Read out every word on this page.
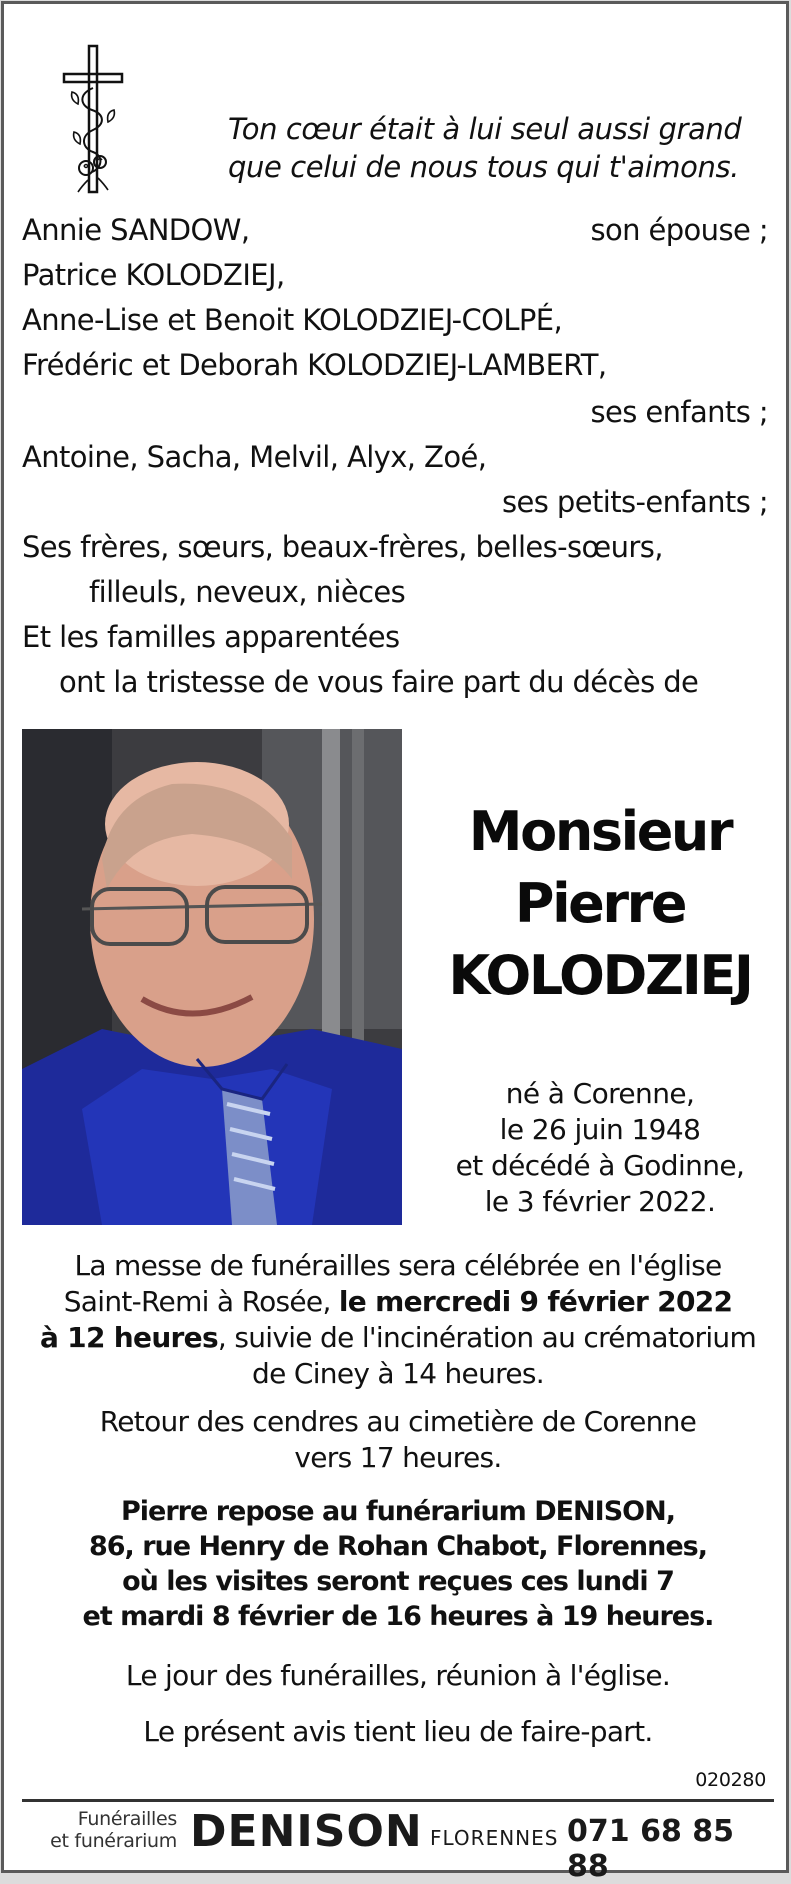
Ton cœur était à lui seul aussi grand
que celui de nous tous qui t'aimons.
Annie SANDOW,	son épouse ;
Patrice KOLODZIEJ,
Anne-Lise et Benoit KOLODZIEJ-COLPÉ,
Frédéric et Deborah KOLODZIEJ-LAMBERT,
ses enfants ;
Antoine, Sacha, Melvil, Alyx, Zoé,
ses petits-enfants ;
Ses frères, sœurs, beaux-frères, belles-sœurs,
filleuls, neveux, nièces
Et les familles apparentées
ont la tristesse de vous faire part du décès de
Monsieur
Pierre
KOLODZIEJ
né à Corenne,
le 26 juin 1948
et décédé à Godinne,
le 3 février 2022.
La messe de funérailles sera célébrée en l'église
Saint-Remi à Rosée, le mercredi 9 février 2022
à 12 heures, suivie de l'incinération au crématorium
de Ciney à 14 heures.
Retour des cendres au cimetière de Corenne
vers 17 heures.
Pierre repose au funérarium DENISON,
86, rue Henry de Rohan Chabot, Florennes,
où les visites seront reçues ces lundi 7
et mardi 8 février de 16 heures à 19 heures.
Le jour des funérailles, réunion à l'église.
Le présent avis tient lieu de faire-part.
020280
Funérailles
et funérarium DENISON FLORENNES 071 68 85 88
